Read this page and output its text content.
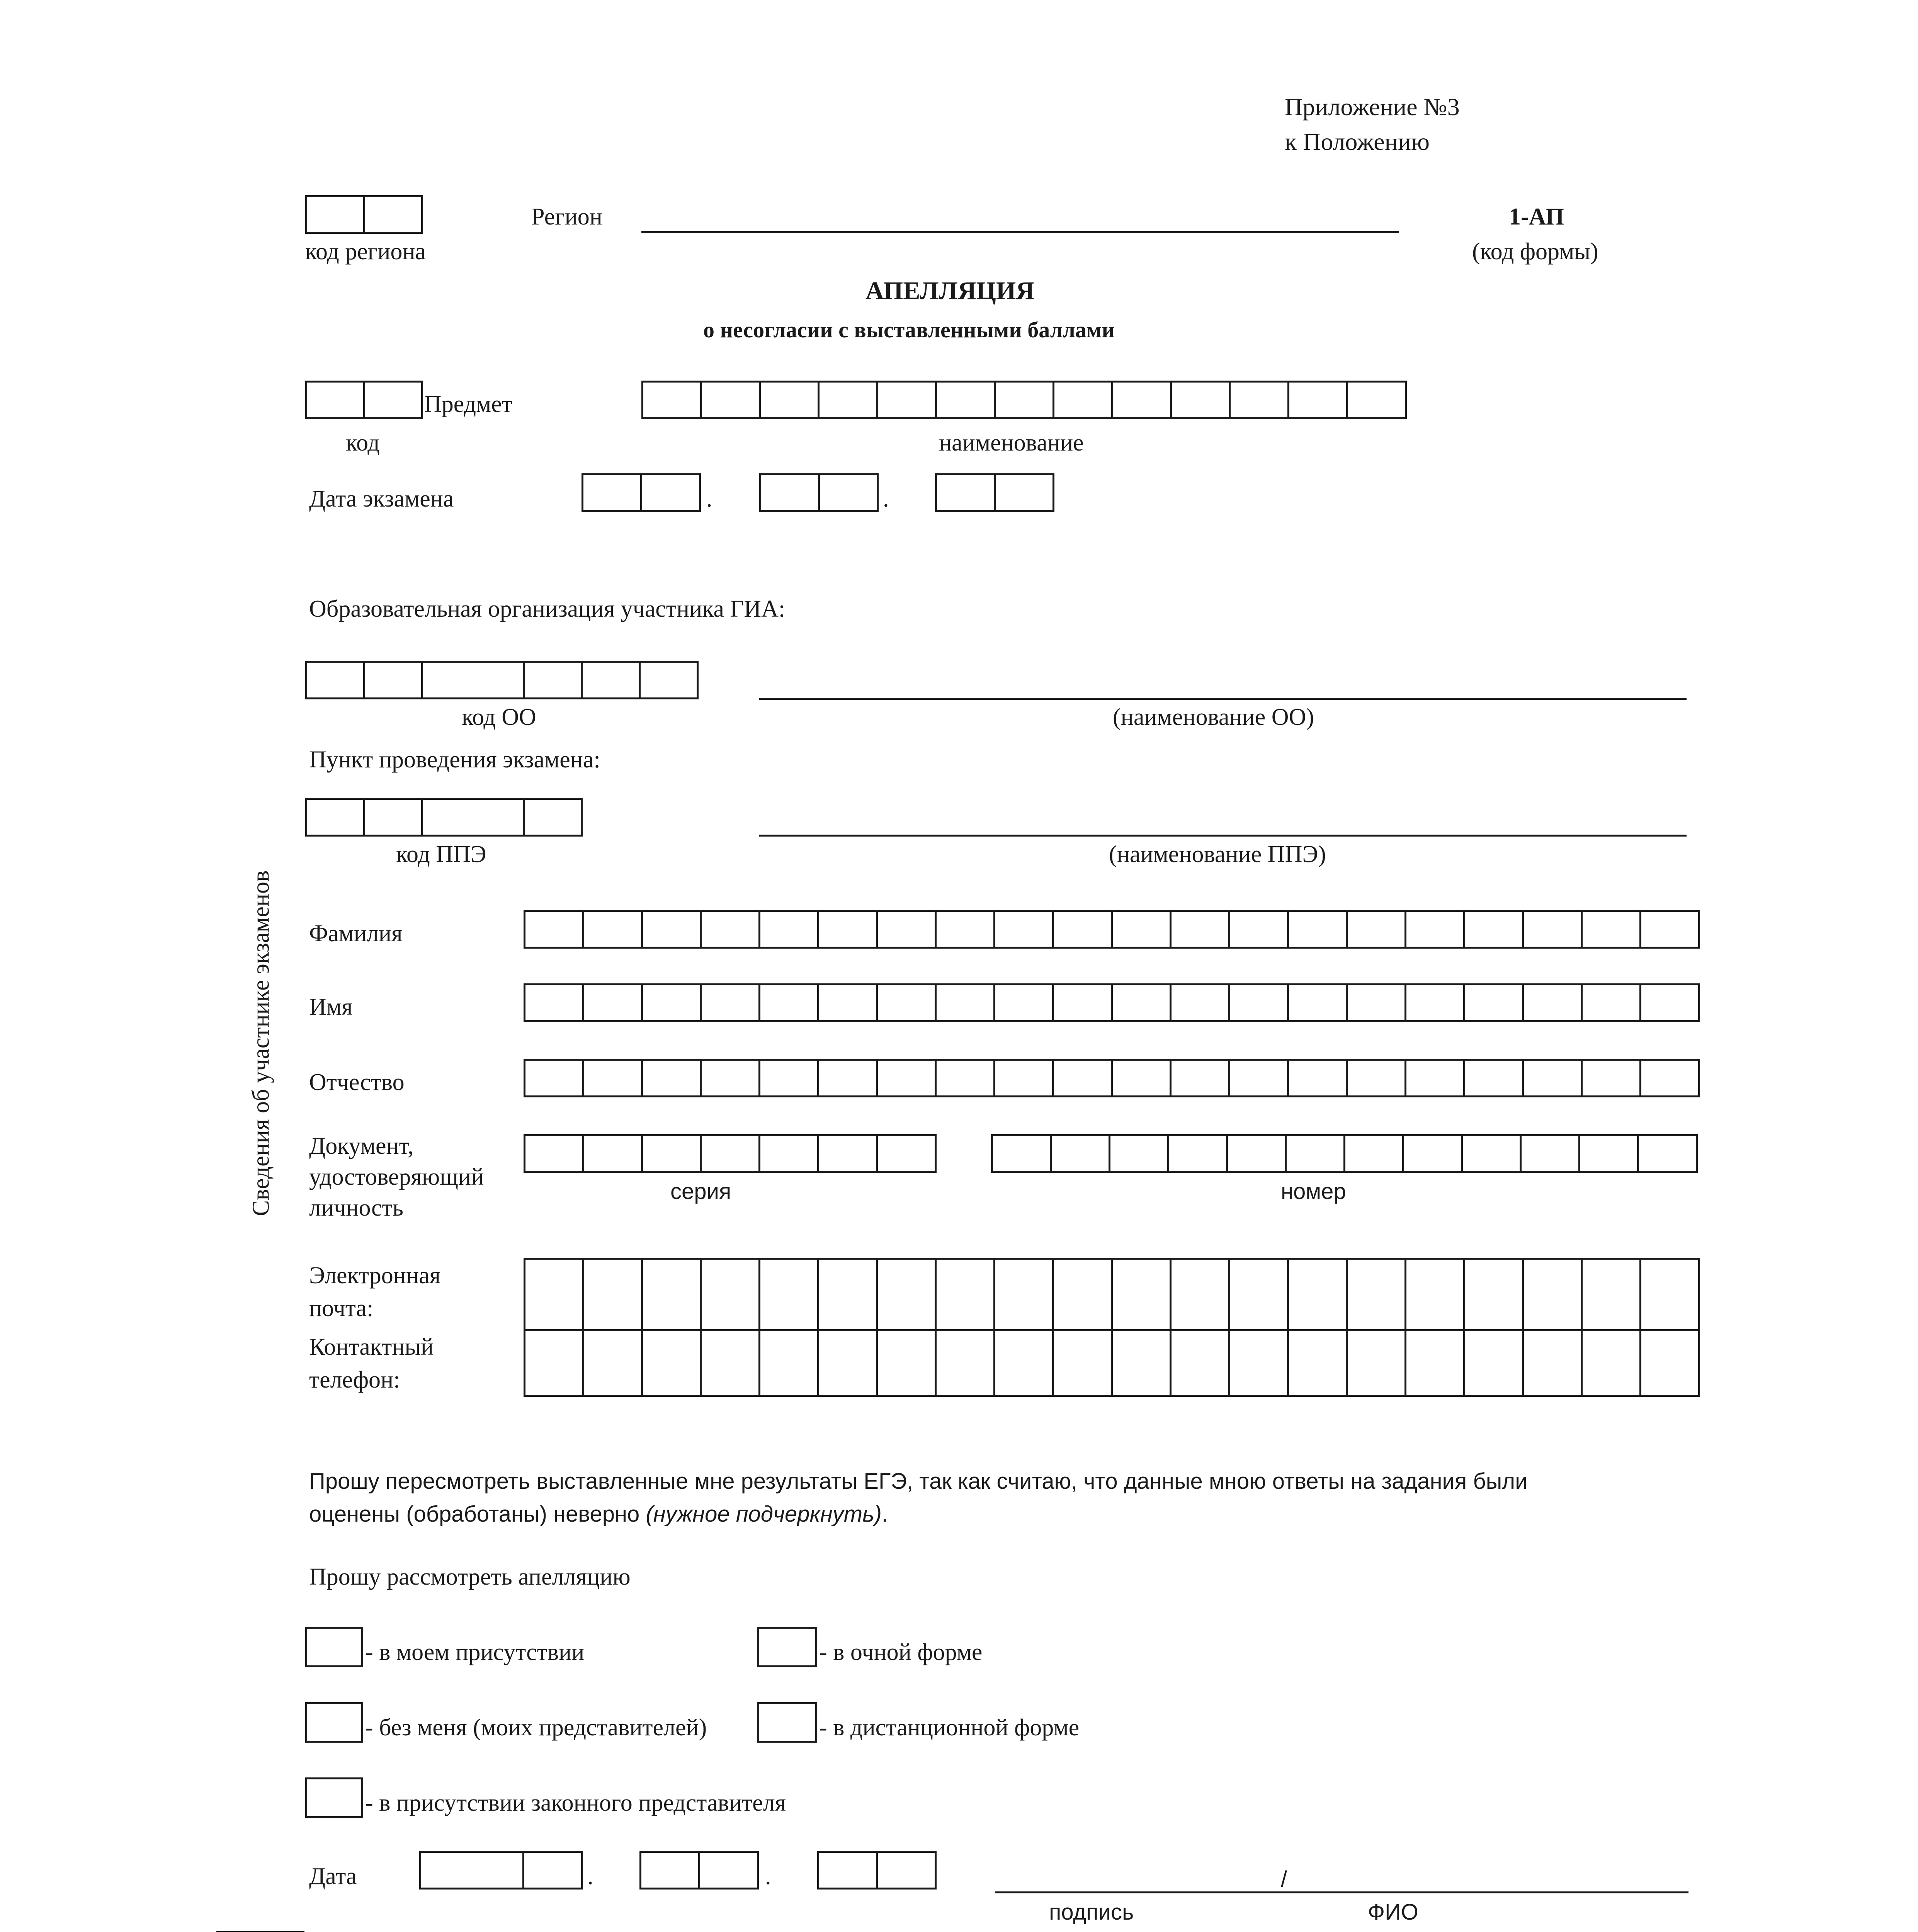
Приложение №3
к Положению
код региона
Регион	1-АП
(код формы)
АПЕЛЛЯЦИЯ
о несогласии с выставленными баллами
Предмет
код	наименование
Дата экзамена	.	.
Образовательная организация участника ГИА:
код ОО	(наименование ОО)
Пункт проведения экзамена:
код ППЭ	(наименование ППЭ)
Сведения об участнике экзаменов Фамилия
Имя
Отчество
Документ,
удостоверяющий
личность
серия	номер
Электронная
почта:
Контактный
телефон:
Прошу пересмотреть выставленные мне результаты ЕГЭ, так как считаю, что данные мною ответы на задания были
оценены (обработаны) неверно (нужное подчеркнуть).
Прошу рассмотреть апелляцию
- в моем присутствии	- в очной форме
- без меня (моих представителей)	- в дистанционной форме
- в присутствии законного представителя
Дата	.	.	/
подпись	ФИО
